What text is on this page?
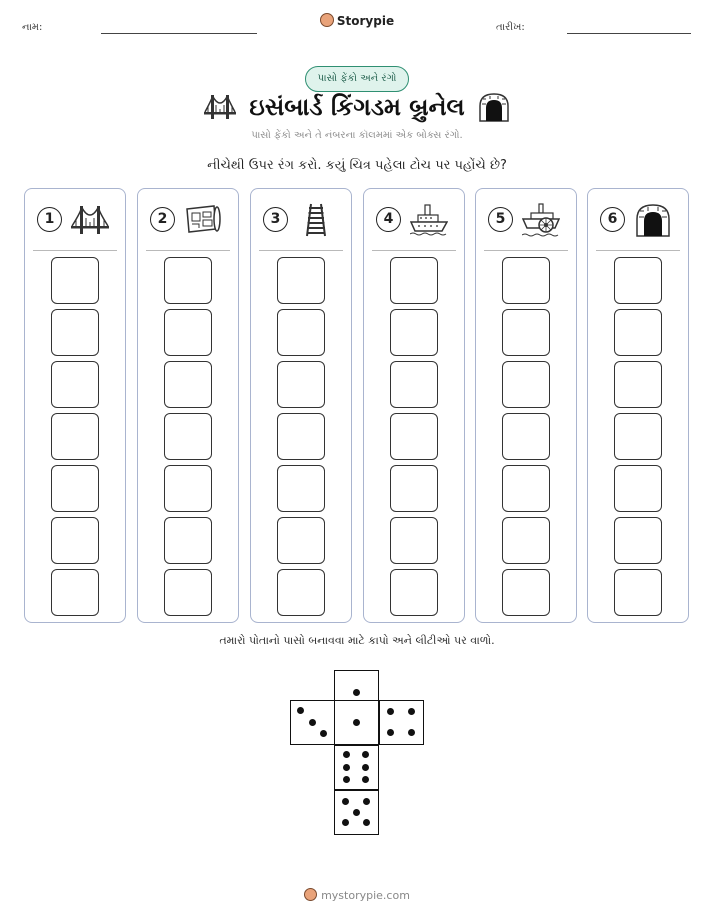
નામ:	Storypie	તારીખ:
પાસો ફેંકો અને રંગો
ઇસંબાર્ડ કિંગડમ બ્રુનેલ
પાસો ફેંકો અને તે નંબરના કૉલમમાં એક બોક્સ રંગો.
નીચેથી ઉપર રંગ કરો. કયું ચિત્ર પહેલા ટોચ પર પહોંચે છે?
1	2	3	4	5	6
તમારો પોતાનો પાસો બનાવવા માટે કાપો અને લીટીઓ પર વાળો.
mystorypie.com
